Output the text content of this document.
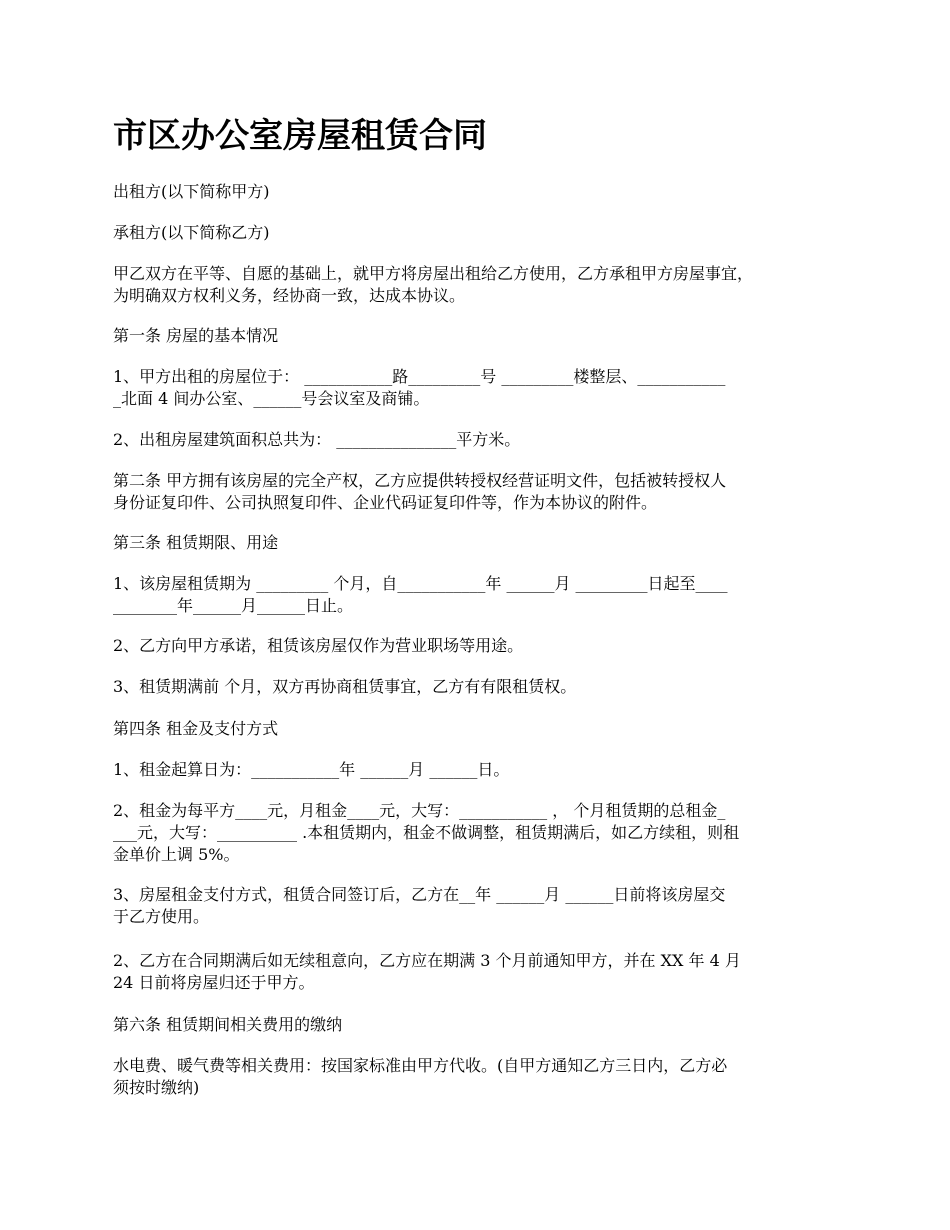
市区办公室房屋租赁合同

出租方(以下简称甲方)

承租方(以下简称乙方)

甲乙双方在平等、自愿的基础上，就甲方将房屋出租给乙方使用，乙方承租甲方房屋事宜，
为明确双方权利义务，经协商一致，达成本协议。

第一条 房屋的基本情况

1、甲方出租的房屋位于： ___________路_________号 _________楼整层、___________
_北面 4 间办公室、______号会议室及商铺。

2、出租房屋建筑面积总共为： _______________平方米。

第二条 甲方拥有该房屋的完全产权，乙方应提供转授权经营证明文件，包括被转授权人
身份证复印件、公司执照复印件、企业代码证复印件等，作为本协议的附件。

第三条 租赁期限、用途

1、该房屋租赁期为 _________ 个月，自___________年 ______月 _________日起至____
________年______月______日止。

2、乙方向甲方承诺，租赁该房屋仅作为营业职场等用途。

3、租赁期满前 个月，双方再协商租赁事宜，乙方有有限租赁权。

第四条 租金及支付方式

1、租金起算日为：___________年 ______月 ______日。

2、租金为每平方____元，月租金____元，大写：___________ ， 个月租赁期的总租金_
___元，大写：__________ .本租赁期内，租金不做调整，租赁期满后，如乙方续租，则租
金单价上调 5%。

3、房屋租金支付方式，租赁合同签订后，乙方在__年 ______月 ______日前将该房屋交
于乙方使用。

2、乙方在合同期满后如无续租意向，乙方应在期满 3 个月前通知甲方，并在 XX 年 4 月
24 日前将房屋归还于甲方。

第六条 租赁期间相关费用的缴纳

水电费、暖气费等相关费用：按国家标准由甲方代收。(自甲方通知乙方三日内，乙方必
须按时缴纳)
